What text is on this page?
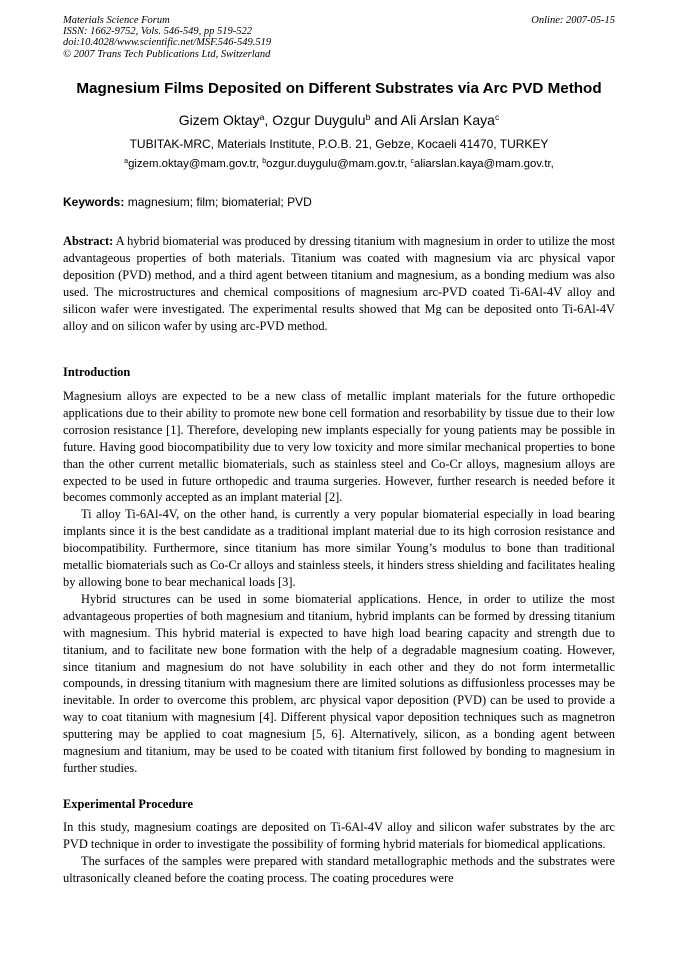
Materials Science Forum
ISSN: 1662-9752, Vols. 546-549, pp 519-522
doi:10.4028/www.scientific.net/MSF.546-549.519
© 2007 Trans Tech Publications Ltd, Switzerland
Online: 2007-05-15
Magnesium Films Deposited on Different Substrates via Arc PVD Method
Gizem Oktay$^a$, Ozgur Duygulu$^b$ and Ali Arslan Kaya$^c$
TUBITAK-MRC, Materials Institute, P.O.B. 21, Gebze, Kocaeli 41470, TURKEY
$^a$gizem.oktay@mam.gov.tr, $^b$ozgur.duygulu@mam.gov.tr, $^c$aliarslan.kaya@mam.gov.tr,
Keywords: magnesium; film; biomaterial; PVD

Abstract: A hybrid biomaterial was produced by dressing titanium with magnesium in order to utilize the most advantageous properties of both materials. Titanium was coated with magnesium via arc physical vapor deposition (PVD) method, and a third agent between titanium and magnesium, as a bonding medium was also used. The microstructures and chemical compositions of magnesium arc-PVD coated Ti-6Al-4V alloy and silicon wafer were investigated. The experimental results showed that Mg can be deposited onto Ti-6Al-4V alloy and on silicon wafer by using arc-PVD method.

Introduction

Magnesium alloys are expected to be a new class of metallic implant materials for the future orthopedic applications due to their ability to promote new bone cell formation and resorbability by tissue due to their low corrosion resistance [1]. Therefore, developing new implants especially for young patients may be possible in future. Having good biocompatibility due to very low toxicity and more similar mechanical properties to bone than the other current metallic biomaterials, such as stainless steel and Co-Cr alloys, magnesium alloys are expected to be used in future orthopedic and trauma surgeries. However, further research is needed before it becomes commonly accepted as an implant material [2].

Ti alloy Ti-6Al-4V, on the other hand, is currently a very popular biomaterial especially in load bearing implants since it is the best candidate as a traditional implant material due to its high corrosion resistance and biocompatibility. Furthermore, since titanium has more similar Young’s modulus to bone than traditional metallic biomaterials such as Co-Cr alloys and stainless steels, it hinders stress shielding and facilitates healing by allowing bone to bear mechanical loads [3].

Hybrid structures can be used in some biomaterial applications. Hence, in order to utilize the most advantageous properties of both magnesium and titanium, hybrid implants can be formed by dressing titanium with magnesium. This hybrid material is expected to have high load bearing capacity and strength due to titanium, and to facilitate new bone formation with the help of a degradable magnesium coating. However, since titanium and magnesium do not have solubility in each other and they do not form intermetallic compounds, in dressing titanium with magnesium there are limited solutions as diffusionless processes may be inevitable. In order to overcome this problem, arc physical vapor deposition (PVD) can be used to provide a way to coat titanium with magnesium [4]. Different physical vapor deposition techniques such as magnetron sputtering may be applied to coat magnesium [5, 6]. Alternatively, silicon, as a bonding agent between magnesium and titanium, may be used to be coated with titanium first followed by bonding to magnesium in further studies.

Experimental Procedure

In this study, magnesium coatings are deposited on Ti-6Al-4V alloy and silicon wafer substrates by the arc PVD technique in order to investigate the possibility of forming hybrid materials for biomedical applications.

The surfaces of the samples were prepared with standard metallographic methods and the substrates were ultrasonically cleaned before the coating process. The coating procedures were
